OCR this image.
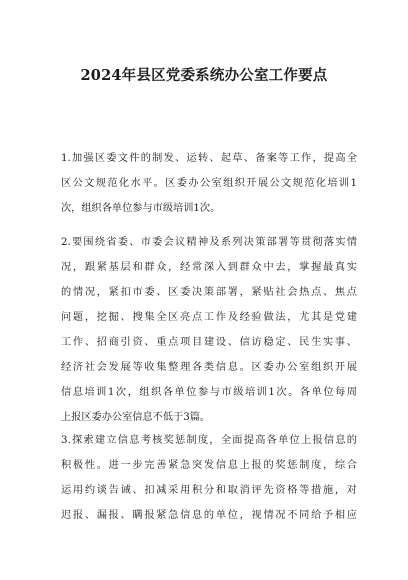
2024年县区党委系统办公室工作要点
1.加强区委文件的制发、运转、起草、备案等工作，提高全
区公文规范化水平。区委办公室组织开展公文规范化培训1
次，组织各单位参与市级培训1次。
2.要围绕省委、市委会议精神及系列决策部署等贯彻落实情
况，跟紧基层和群众，经常深入到群众中去，掌握最真实
的情况，紧扣市委、区委决策部署，紧贴社会热点、焦点
问题，挖掘、搜集全区亮点工作及经验做法，尤其是党建
工作、招商引资、重点项目建设、信访稳定、民生实事、
经济社会发展等收集整理各类信息。区委办公室组织开展
信息培训1次，组织各单位参与市级培训1次。各单位每周
上报区委办公室信息不低于3篇。
3.探索建立信息考核奖惩制度，全面提高各单位上报信息的
积极性。进一步完善紧急突发信息上报的奖惩制度，综合
运用约谈告诫、扣减采用积分和取消评先资格等措施，对
迟报、漏报、瞒报紧急信息的单位，视情况不同给予相应
